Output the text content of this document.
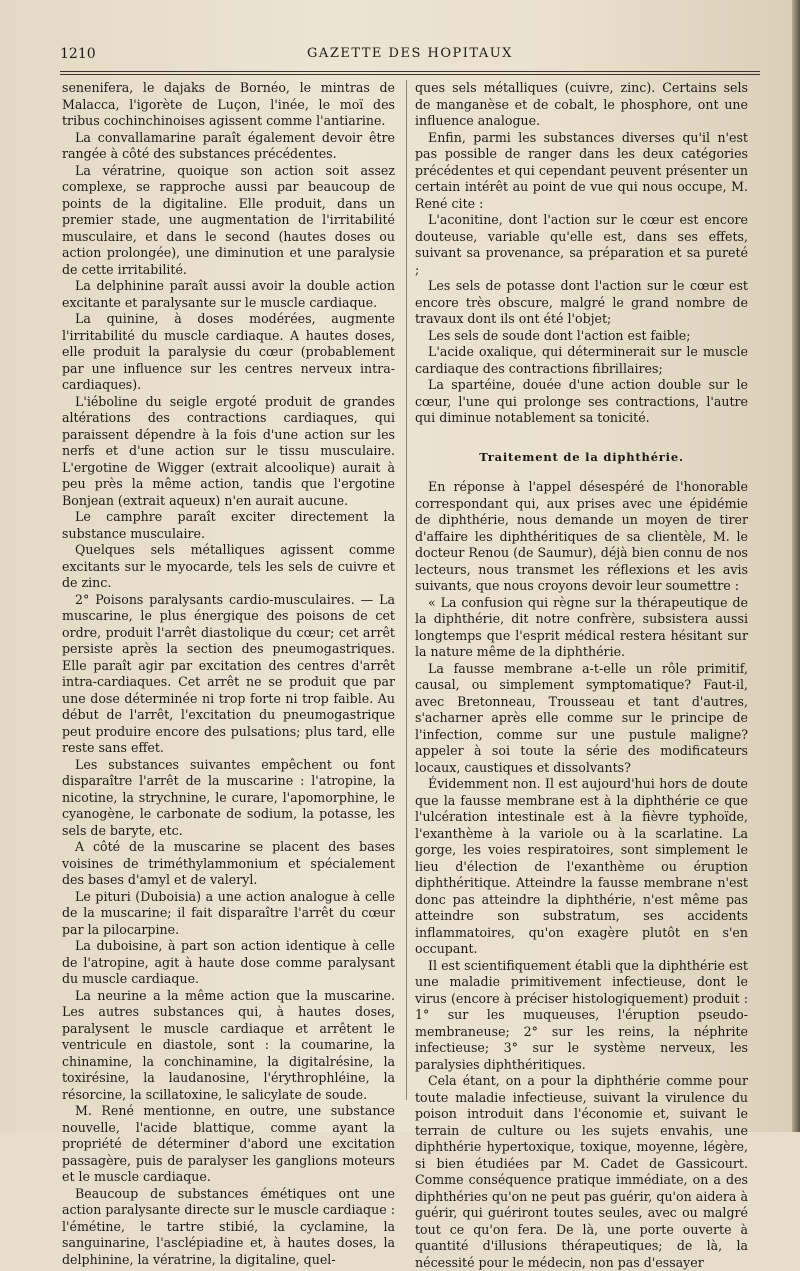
1210	GAZETTE DES HOPITAUX

senenifera, le dajaks de Bornéo, le mintras de Malacca, l'igorète de Luçon, l'inée, le moï des tribus cochinchinoises agissent comme l'antiarine.

La convallamarine paraît également devoir être rangée à côté des substances précédentes.

La vératrine, quoique son action soit assez complexe, se rapproche aussi par beaucoup de points de la digitaline. Elle produit, dans un premier stade, une augmentation de l'irritabilité musculaire, et dans le second (hautes doses ou action prolongée), une diminution et une paralysie de cette irritabilité.

La delphinine paraît aussi avoir la double action excitante et paralysante sur le muscle cardiaque.

La quinine, à doses modérées, augmente l'irritabilité du muscle cardiaque. A hautes doses, elle produit la paralysie du cœur (probablement par une influence sur les centres nerveux intra-cardiaques).

L'iéboline du seigle ergoté produit de grandes altérations des contractions cardiaques, qui paraissent dépendre à la fois d'une action sur les nerfs et d'une action sur le tissu musculaire. L'ergotine de Wigger (extrait alcoolique) aurait à peu près la même action, tandis que l'ergotine Bonjean (extrait aqueux) n'en aurait aucune.

Le camphre paraît exciter directement la substance musculaire.

Quelques sels métalliques agissent comme excitants sur le myocarde, tels les sels de cuivre et de zinc.

2° Poisons paralysants cardio-musculaires. — La muscarine, le plus énergique des poisons de cet ordre, produit l'arrêt diastolique du cœur; cet arrêt persiste après la section des pneumogastriques. Elle paraît agir par excitation des centres d'arrêt intra-cardiaques. Cet arrêt ne se produit que par une dose déterminée ni trop forte ni trop faible. Au début de l'arrêt, l'excitation du pneumogastrique peut produire encore des pulsations; plus tard, elle reste sans effet.

Les substances suivantes empêchent ou font disparaître l'arrêt de la muscarine : l'atropine, la nicotine, la strychnine, le curare, l'apomorphine, le cyanogène, le carbonate de sodium, la potasse, les sels de baryte, etc.

A côté de la muscarine se placent des bases voisines de triméthylammonium et spécialement des bases d'amyl et de valeryl.

Le pituri (Duboisia) a une action analogue à celle de la muscarine; il fait disparaître l'arrêt du cœur par la pilocarpine.

La duboisine, à part son action identique à celle de l'atropine, agit à haute dose comme paralysant du muscle cardiaque.

La neurine a la même action que la muscarine. Les autres substances qui, à hautes doses, paralysent le muscle cardiaque et arrêtent le ventricule en diastole, sont : la coumarine, la chinamine, la conchinamine, la digitalrésine, la toxirésine, la laudanosine, l'érythrophléine, la résorcine, la scillatoxine, le salicylate de soude.

M. René mentionne, en outre, une substance nouvelle, l'acide blattique, comme ayant la propriété de déterminer d'abord une excitation passagère, puis de paralyser les ganglions moteurs et le muscle cardiaque.

Beaucoup de substances émétiques ont une action paralysante directe sur le muscle cardiaque : l'émétine, le tartre stibié, la cyclamine, la sanguinarine, l'asclépiadine et, à hautes doses, la delphinine, la vératrine, la digitaline, quel-

ques sels métalliques (cuivre, zinc). Certains sels de manganèse et de cobalt, le phosphore, ont une influence analogue.

Enfin, parmi les substances diverses qu'il n'est pas possible de ranger dans les deux catégories précédentes et qui cependant peuvent présenter un certain intérêt au point de vue qui nous occupe, M. René cite :

L'aconitine, dont l'action sur le cœur est encore douteuse, variable qu'elle est, dans ses effets, suivant sa provenance, sa préparation et sa pureté ;

Les sels de potasse dont l'action sur le cœur est encore très obscure, malgré le grand nombre de travaux dont ils ont été l'objet;

Les sels de soude dont l'action est faible;

L'acide oxalique, qui déterminerait sur le muscle cardiaque des contractions fibrillaires;

La spartéine, douée d'une action double sur le cœur, l'une qui prolonge ses contractions, l'autre qui diminue notablement sa tonicité.

Traitement de la diphthérie.

En réponse à l'appel désespéré de l'honorable correspondant qui, aux prises avec une épidémie de diphthérie, nous demande un moyen de tirer d'affaire les diphthéritiques de sa clientèle, M. le docteur Renou (de Saumur), déjà bien connu de nos lecteurs, nous transmet les réflexions et les avis suivants, que nous croyons devoir leur soumettre :

« La confusion qui règne sur la thérapeutique de la diphthérie, dit notre confrère, subsistera aussi longtemps que l'esprit médical restera hésitant sur la nature même de la diphthérie.

La fausse membrane a-t-elle un rôle primitif, causal, ou simplement symptomatique? Faut-il, avec Bretonneau, Trousseau et tant d'autres, s'acharner après elle comme sur le principe de l'infection, comme sur une pustule maligne? appeler à soi toute la série des modificateurs locaux, caustiques et dissolvants?

Évidemment non. Il est aujourd'hui hors de doute que la fausse membrane est à la diphthérie ce que l'ulcération intestinale est à la fièvre typhoïde, l'exanthème à la variole ou à la scarlatine. La gorge, les voies respiratoires, sont simplement le lieu d'élection de l'exanthème ou éruption diphthéritique. Atteindre la fausse membrane n'est donc pas atteindre la diphthérie, n'est même pas atteindre son substratum, ses accidents inflammatoires, qu'on exagère plutôt en s'en occupant.

Il est scientifiquement établi que la diphthérie est une maladie primitivement infectieuse, dont le virus (encore à préciser histologiquement) produit : 1° sur les muqueuses, l'éruption pseudo-membraneuse; 2° sur les reins, la néphrite infectieuse; 3° sur le système nerveux, les paralysies diphthéritiques.

Cela étant, on a pour la diphthérie comme pour toute maladie infectieuse, suivant la virulence du poison introduit dans l'économie et, suivant le terrain de culture ou les sujets envahis, une diphthérie hypertoxique, toxique, moyenne, légère, si bien étudiées par M. Cadet de Gassicourt. Comme conséquence pratique immédiate, on a des diphthéries qu'on ne peut pas guérir, qu'on aidera à guérir, qui guériront toutes seules, avec ou malgré tout ce qu'on fera. De là, une porte ouverte à quantité d'illusions thérapeutiques; de là, la nécessité pour le médecin, non pas d'essayer
